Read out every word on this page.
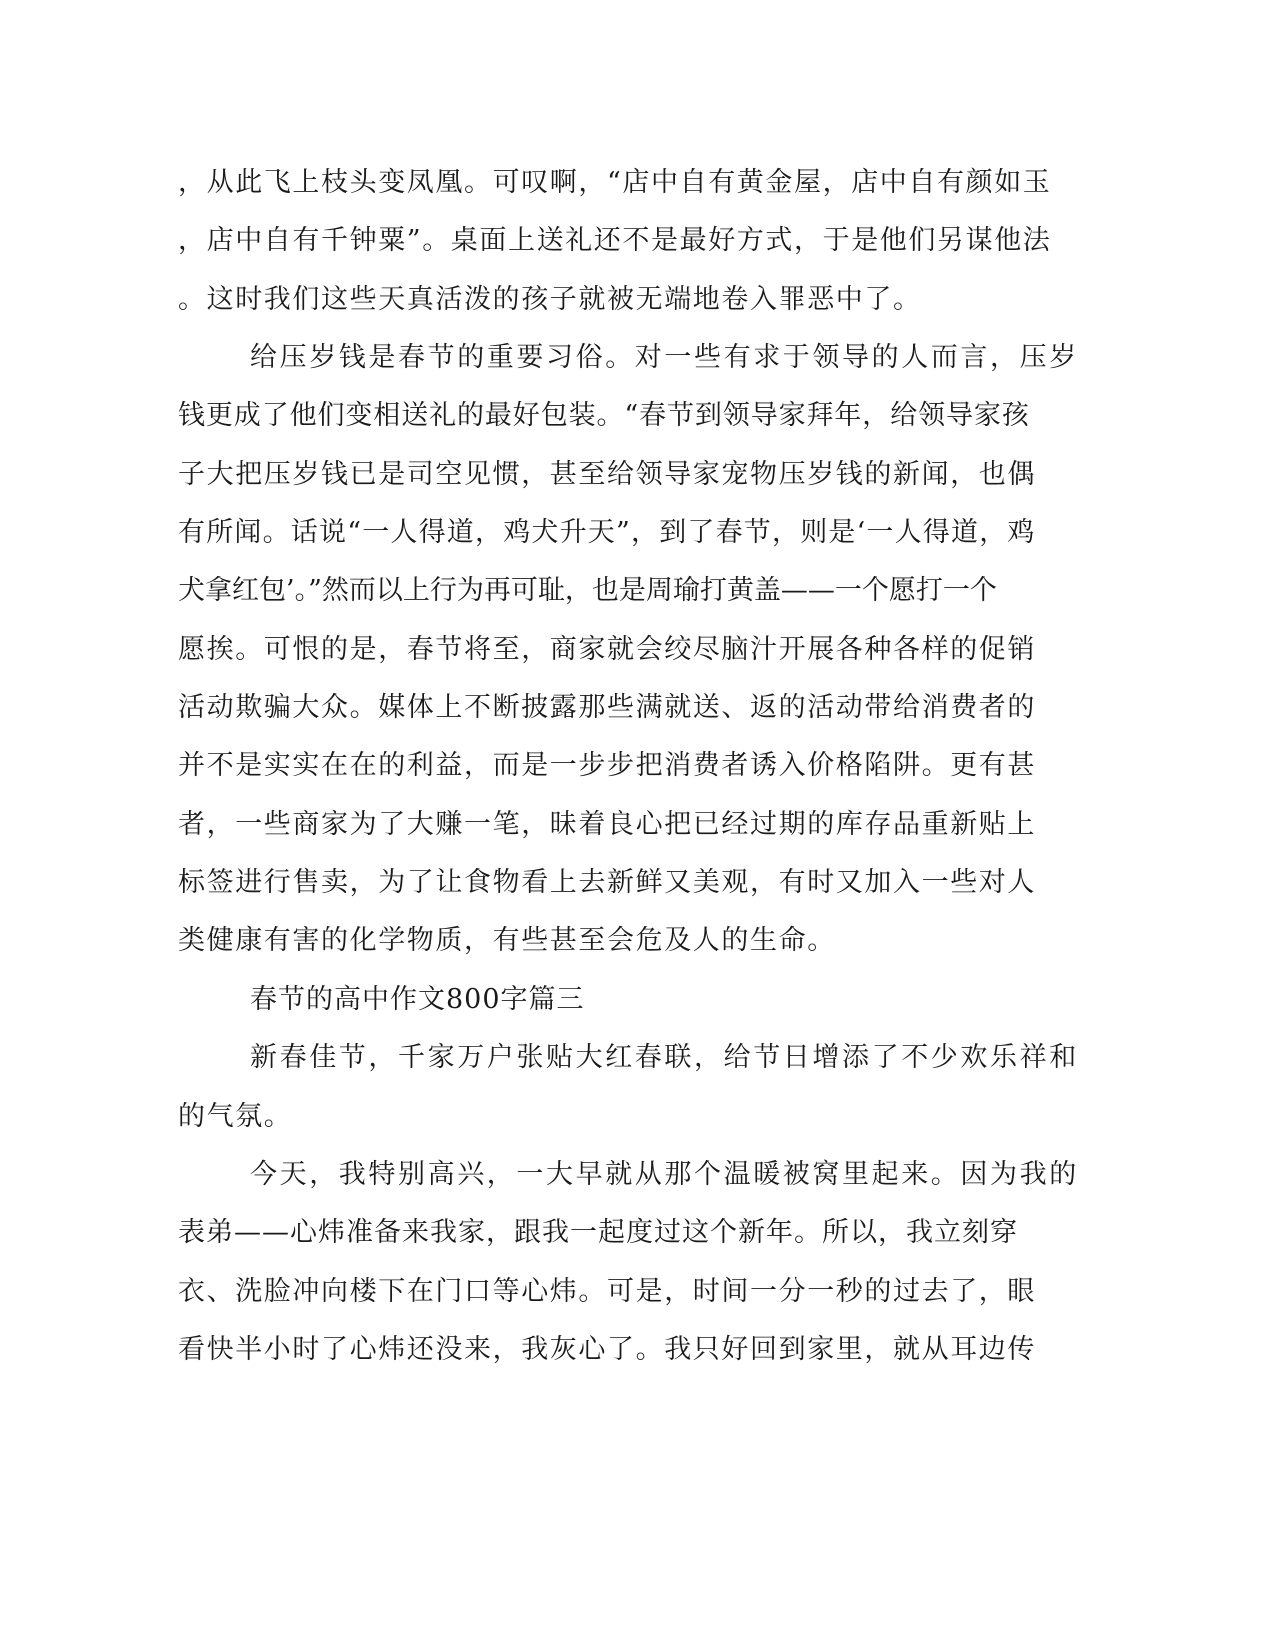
，从此飞上枝头变凤凰。可叹啊，“店中自有黄金屋，店中自有颜如玉

，店中自有千钟粟”。桌面上送礼还不是最好方式，于是他们另谋他法

。这时我们这些天真活泼的孩子就被无端地卷入罪恶中了。

给压岁钱是春节的重要习俗。对一些有求于领导的人而言，压岁

钱更成了他们变相送礼的最好包装。“春节到领导家拜年，给领导家孩

子大把压岁钱已是司空见惯，甚至给领导家宠物压岁钱的新闻，也偶

有所闻。话说“一人得道，鸡犬升天”，到了春节，则是‘一人得道，鸡

犬拿红包’。”然而以上行为再可耻，也是周瑜打黄盖——一个愿打一个

愿挨。可恨的是，春节将至，商家就会绞尽脑汁开展各种各样的促销

活动欺骗大众。媒体上不断披露那些满就送、返的活动带给消费者的

并不是实实在在的利益，而是一步步把消费者诱入价格陷阱。更有甚

者，一些商家为了大赚一笔，昧着良心把已经过期的库存品重新贴上

标签进行售卖，为了让食物看上去新鲜又美观，有时又加入一些对人

类健康有害的化学物质，有些甚至会危及人的生命。

春节的高中作文800字篇三

新春佳节，千家万户张贴大红春联，给节日增添了不少欢乐祥和

的气氛。

今天，我特别高兴，一大早就从那个温暖被窝里起来。因为我的

表弟——心炜准备来我家，跟我一起度过这个新年。所以，我立刻穿

衣、洗脸冲向楼下在门口等心炜。可是，时间一分一秒的过去了，眼

看快半小时了心炜还没来，我灰心了。我只好回到家里，就从耳边传
